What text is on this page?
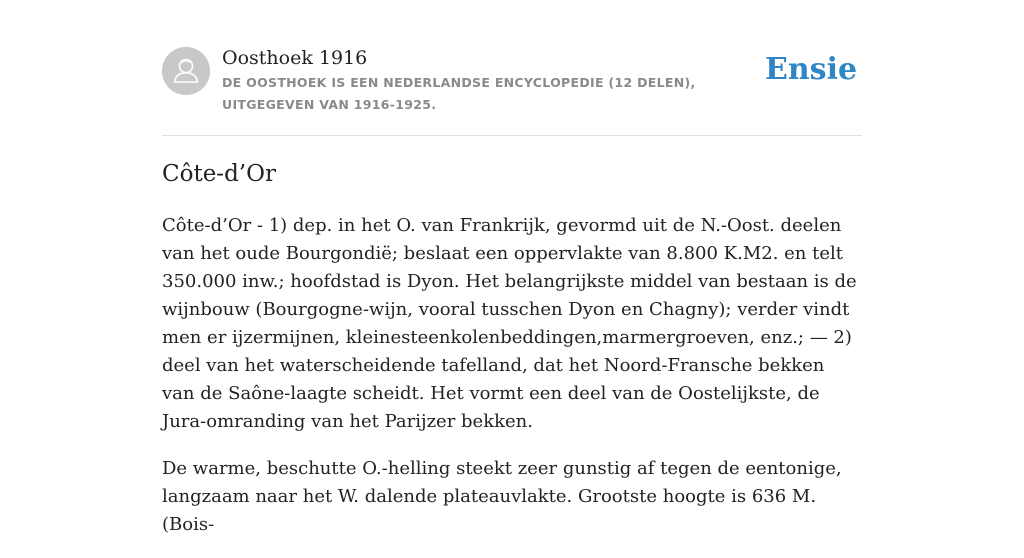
Oosthoek 1916
DE OOSTHOEK IS EEN NEDERLANDSE ENCYCLOPEDIE (12 DELEN), UITGEGEVEN VAN 1916-1925.
Ensie
Côte-d’Or

Côte-d’Or - 1) dep. in het O. van Frankrijk, gevormd uit de N.-Oost. deelen van het oude Bourgondië; beslaat een oppervlakte van 8.800 K.M2. en telt 350.000 inw.; hoofdstad is Dyon. Het belangrijkste middel van bestaan is de wijnbouw (Bourgogne-wijn, vooral tusschen Dyon en Chagny); verder vindt men er ijzermijnen, kleinesteenkolenbeddingen,marmergroeven, enz.; — 2) deel van het waterscheidende tafelland, dat het Noord-Fransche bekken van de Saône-laagte scheidt. Het vormt een deel van de Oostelijkste, de Jura-omranding van het Parijzer bekken.

De warme, beschutte O.-helling steekt zeer gunstig af tegen de eentonige, langzaam naar het W. dalende plateauvlakte. Grootste hoogte is 636 M. (Bois-
